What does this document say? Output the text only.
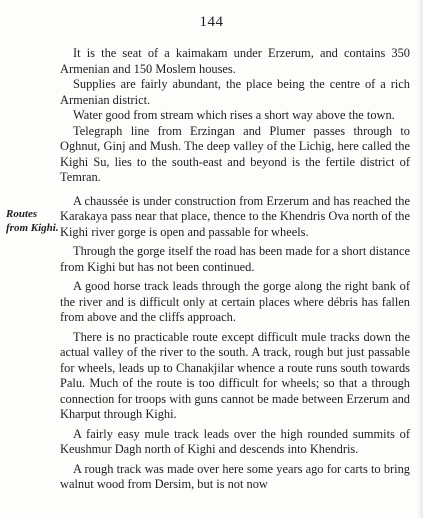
144
Routes from Kighi.

It is the seat of a kaimakam under Erzerum, and contains 350 Armenian and 150 Moslem houses.

Supplies are fairly abundant, the place being the centre of a rich Armenian district.

Water good from stream which rises a short way above the town.

Telegraph line from Erzingan and Plumer passes through to Oghnut, Ginj and Mush. The deep valley of the Lichig, here called the Kighi Su, lies to the south-east and beyond is the fertile district of Temran.

A chaussée is under construction from Erzerum and has reached the Karakaya pass near that place, thence to the Khendris Ova north of the Kighi river gorge is open and passable for wheels.

Through the gorge itself the road has been made for a short distance from Kighi but has not been continued.

A good horse track leads through the gorge along the right bank of the river and is difficult only at certain places where débris has fallen from above and the cliffs approach.

There is no practicable route except difficult mule tracks down the actual valley of the river to the south. A track, rough but just passable for wheels, leads up to Chanakjilar whence a route runs south towards Palu. Much of the route is too difficult for wheels; so that a through connection for troops with guns cannot be made between Erzerum and Kharput through Kighi.

A fairly easy mule track leads over the high rounded summits of Keushmur Dagh north of Kighi and descends into Khendris.

A rough track was made over here some years ago for carts to bring walnut wood from Dersim, but is not now
